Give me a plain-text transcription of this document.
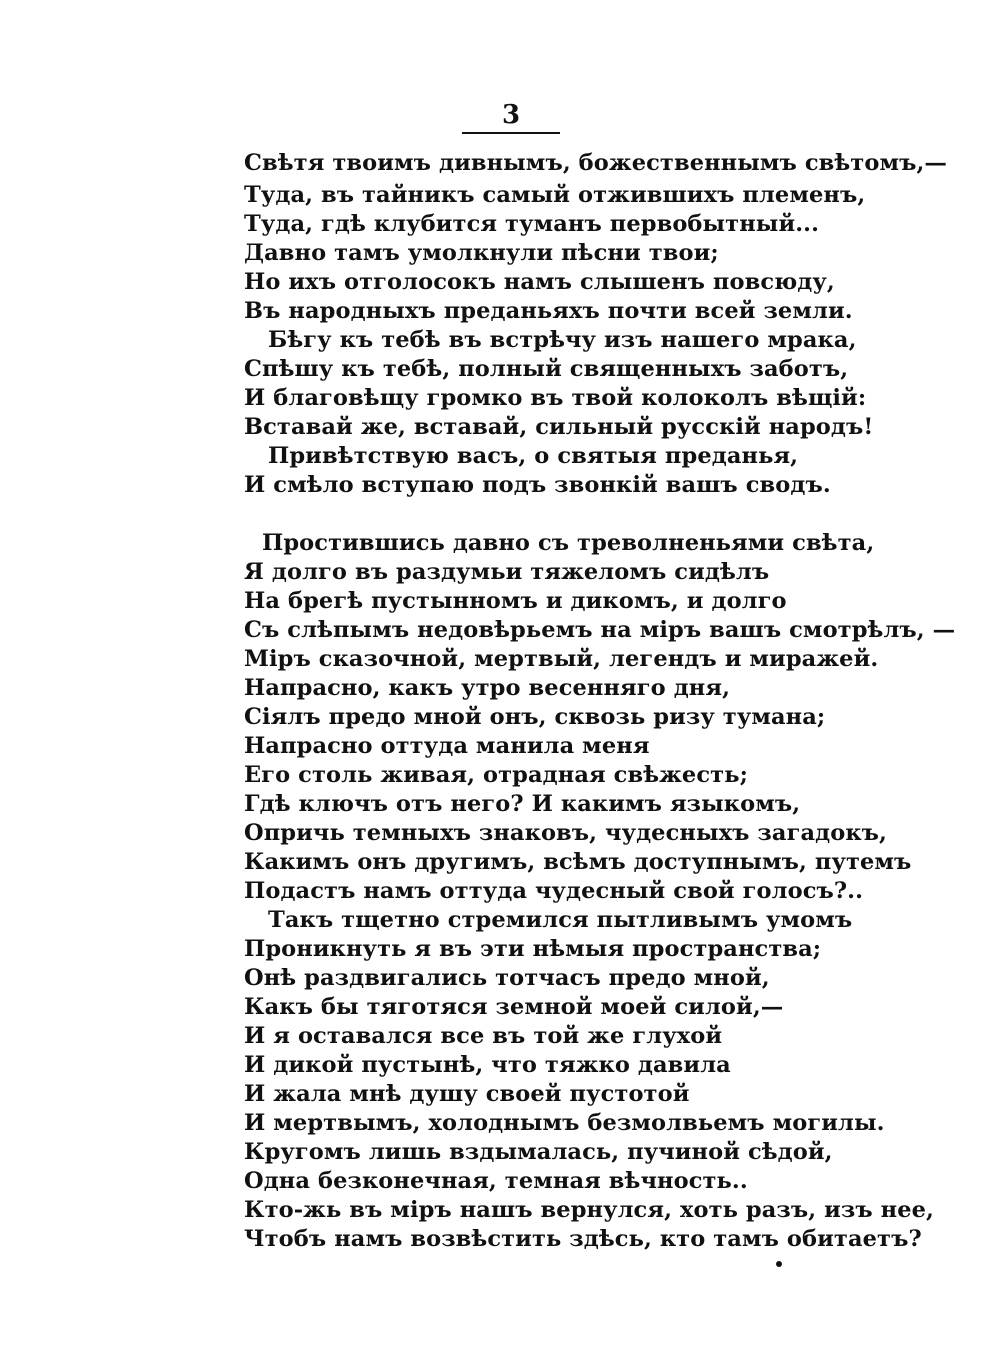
3
Свѣтя твоимъ дивнымъ, божественнымъ свѣтомъ,—
Туда, въ тайникъ самый отжившихъ племенъ,
Туда, гдѣ клубится туманъ первобытный...
Давно тамъ умолкнули пѣсни твои;
Но ихъ отголосокъ намъ слышенъ повсюду,
Въ народныхъ преданьяхъ почти всей земли.
Бѣгу къ тебѣ въ встрѣчу изъ нашего мрака,
Спѣшу къ тебѣ, полный священныхъ заботъ,
И благовѣщу громко въ твой колоколъ вѣщій:
Вставай же, вставай, сильный русскій народъ!
Привѣтствую васъ, о святыя преданья,
И смѣло вступаю подъ звонкій вашъ сводъ.
Простившись давно съ треволненьями свѣта,
Я долго въ раздумьи тяжеломъ сидѣлъ
На брегѣ пустынномъ и дикомъ, и долго
Съ слѣпымъ недовѣрьемъ на міръ вашъ смотрѣлъ, —
Міръ сказочной, мертвый, легендъ и миражей.
Напрасно, какъ утро весенняго дня,
Сіялъ предо мной онъ, сквозь ризу тумана;
Напрасно оттуда манила меня
Его столь живая, отрадная свѣжесть;
Гдѣ ключъ отъ него? И какимъ языкомъ,
Опричь темныхъ знаковъ, чудесныхъ загадокъ,
Какимъ онъ другимъ, всѣмъ доступнымъ, путемъ
Подастъ намъ оттуда чудесный свой голосъ?..
Такъ тщетно стремился пытливымъ умомъ
Проникнуть я въ эти нѣмыя пространства;
Онѣ раздвигались тотчасъ предо мной,
Какъ бы тяготяся земной моей силой,—
И я оставался все въ той же глухой
И дикой пустынѣ, что тяжко давила
И жала мнѣ душу своей пустотой
И мертвымъ, холоднымъ безмолвьемъ могилы.
Кругомъ лишь вздымалась, пучиной сѣдой,
Одна безконечная, темная вѣчность..
Кто-жь въ міръ нашъ вернулся, хоть разъ, изъ нее,
Чтобъ намъ возвѣстить здѣсь, кто тамъ обитаетъ?
